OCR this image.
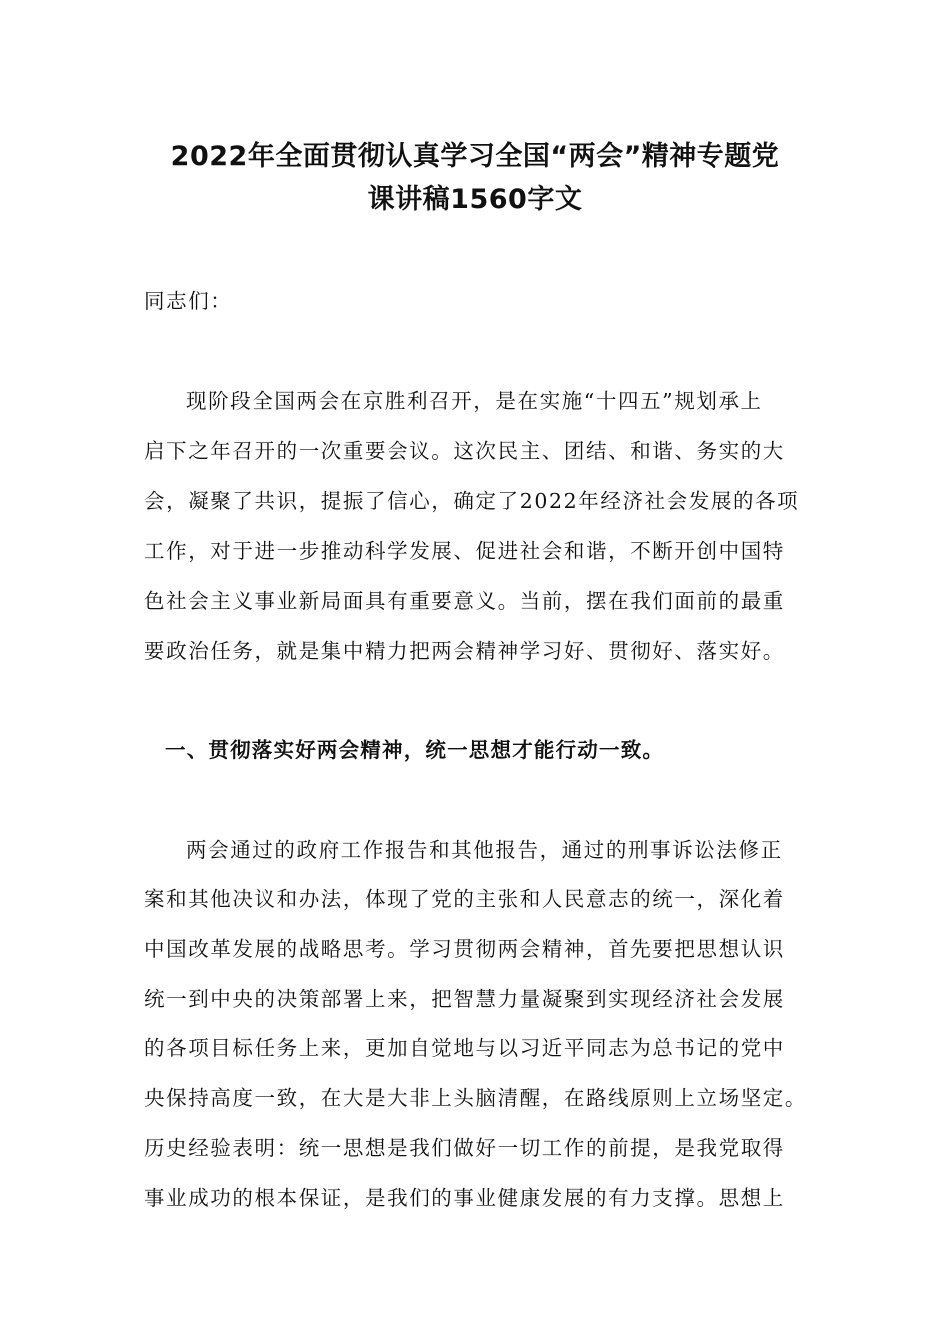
2022年全面贯彻认真学习全国“两会”精神专题党
课讲稿1560字文
同志们：
现阶段全国两会在京胜利召开，是在实施“十四五”规划承上
启下之年召开的一次重要会议。这次民主、团结、和谐、务实的大
会，凝聚了共识，提振了信心，确定了2022年经济社会发展的各项
工作，对于进一步推动科学发展、促进社会和谐，不断开创中国特
色社会主义事业新局面具有重要意义。当前，摆在我们面前的最重
要政治任务，就是集中精力把两会精神学习好、贯彻好、落实好。
一、贯彻落实好两会精神，统一思想才能行动一致。
两会通过的政府工作报告和其他报告，通过的刑事诉讼法修正
案和其他决议和办法，体现了党的主张和人民意志的统一，深化着
中国改革发展的战略思考。学习贯彻两会精神，首先要把思想认识
统一到中央的决策部署上来，把智慧力量凝聚到实现经济社会发展
的各项目标任务上来，更加自觉地与以习近平同志为总书记的党中
央保持高度一致，在大是大非上头脑清醒，在路线原则上立场坚定。
历史经验表明：统一思想是我们做好一切工作的前提，是我党取得
事业成功的根本保证，是我们的事业健康发展的有力支撑。思想上
